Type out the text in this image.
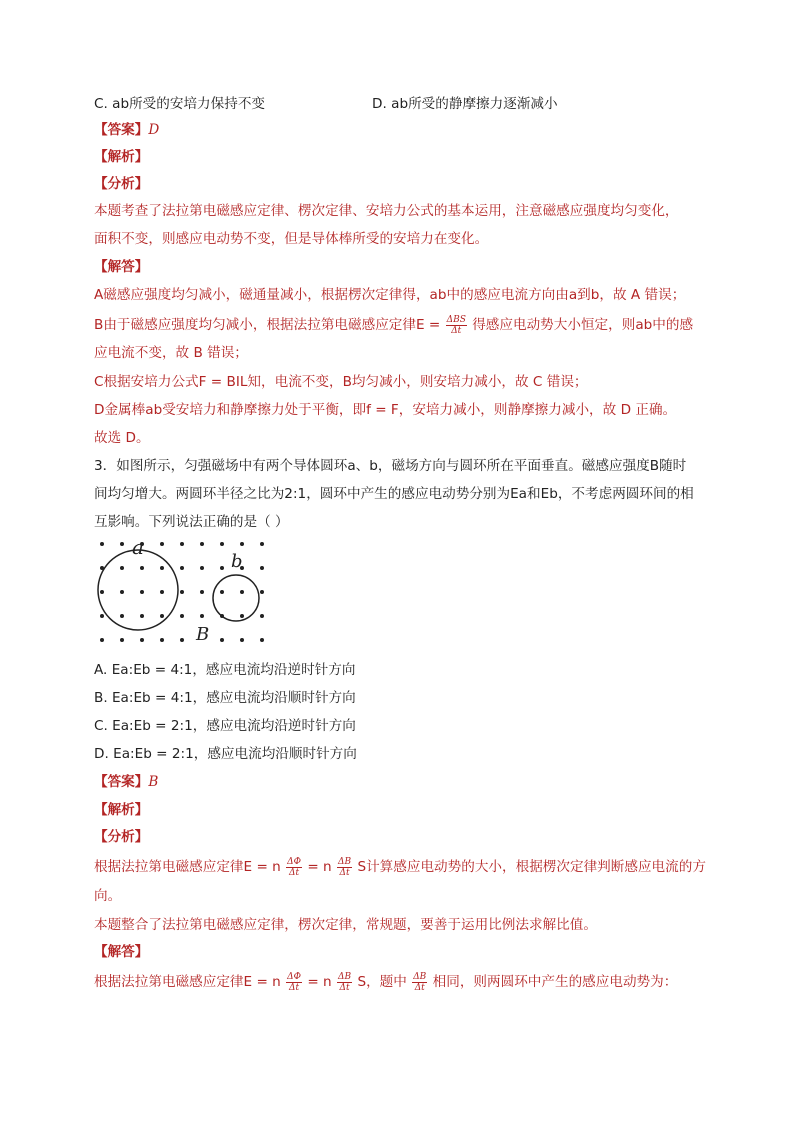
C. ab所受的安培力保持不变	D. ab所受的静摩擦力逐渐减小
【答案】D
【解析】
【分析】
本题考查了法拉第电磁感应定律、楞次定律、安培力公式的基本运用，注意磁感应强度均匀变化，
面积不变，则感应电动势不变，但是导体棒所受的安培力在变化。
【解答】
A磁感应强度均匀减小，磁通量减小，根据楞次定律得，ab中的感应电流方向由a到b，故 A 错误；
B由于磁感应强度均匀减小，根据法拉第电磁感应定律$E = \frac{\text{ΔBS}}{\Delta t}$ 得感应电动势大小恒定，则ab中的感
应电流不变，故 B 错误；
C根据安培力公式F = BIL知，电流不变，B均匀减小，则安培力减小，故 C 错误；
D金属棒ab受安培力和静摩擦力处于平衡，即f = F，安培力减小，则静摩擦力减小，故 D 正确。
故选 D。
3．如图所示，匀强磁场中有两个导体圆环a、b，磁场方向与圆环所在平面垂直。磁感应强度B随时
间均匀增大。两圆环半径之比为2:1，圆环中产生的感应电动势分别为Ea和Eb，不考虑两圆环间的相
互影响。下列说法正确的是（ ）
a
b
B
A. Ea:Eb = 4:1，感应电流均沿逆时针方向
B. Ea:Eb = 4:1，感应电流均沿顺时针方向
C. Ea:Eb = 2:1，感应电流均沿逆时针方向
D. Ea:Eb = 2:1，感应电流均沿顺时针方向
【答案】B
【解析】
【分析】
根据法拉第电磁感应定律E = n $\frac{\Delta\Phi}{\Delta t} = n \frac{\Delta B}{\Delta t}$ S计算感应电动势的大小，根据楞次定律判断感应电流的方
向。
本题整合了法拉第电磁感应定律，楞次定律，常规题，要善于运用比例法求解比值。
【解答】
根据法拉第电磁感应定律E = n $\frac{\Delta\Phi}{\Delta t} = n \frac{\Delta B}{\Delta t}$ S，题中 $\frac{\Delta B}{\Delta t}$ 相同，则两圆环中产生的感应电动势为：
